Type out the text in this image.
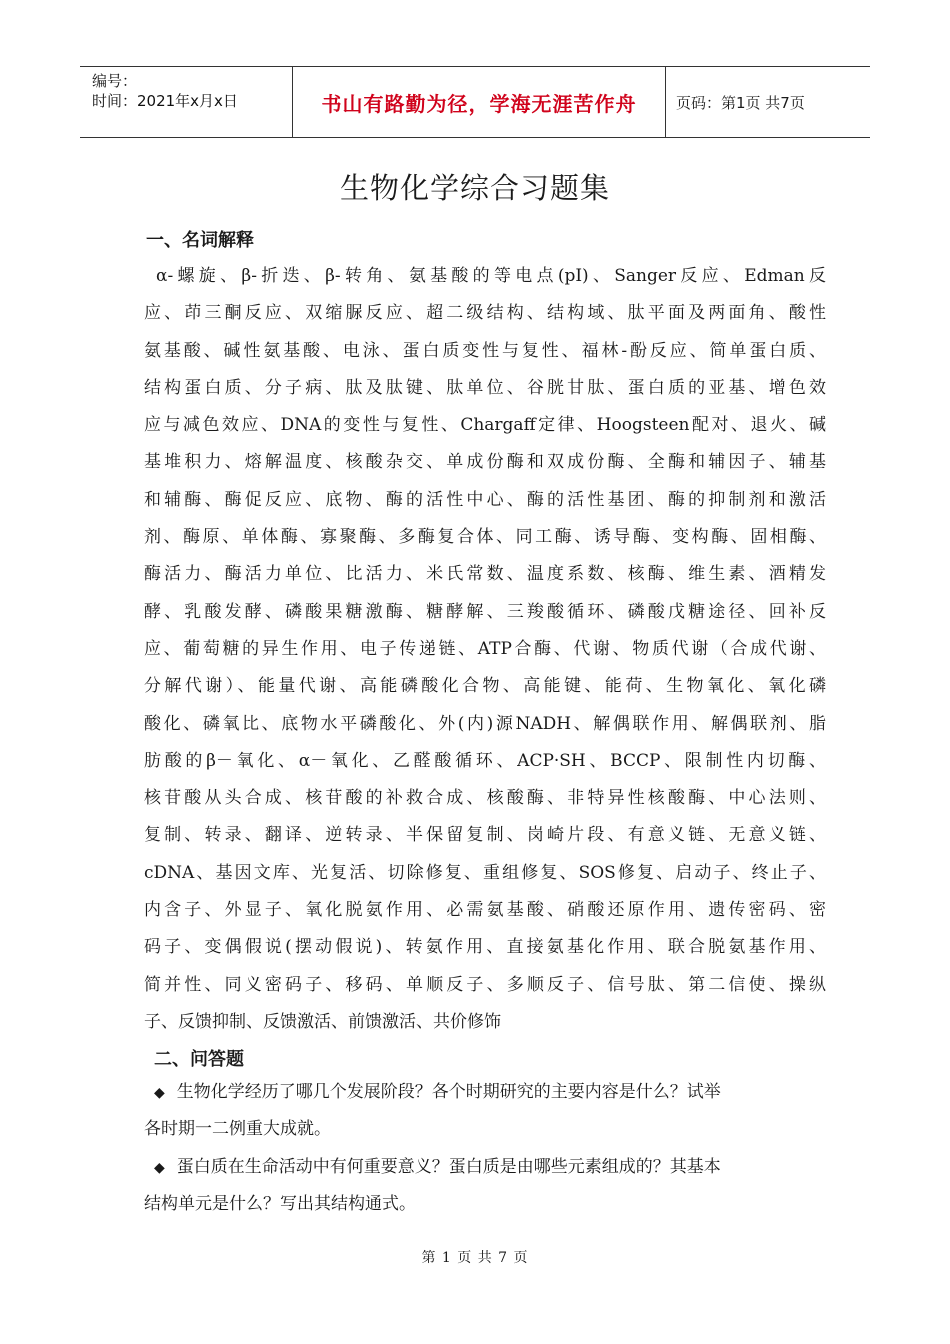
编号：
时间：2021年x月x日	书山有路勤为径，学海无涯苦作舟	页码：第1页 共7页
生物化学综合习题集
一、名词解释
α-螺旋、β-折迭、β-转角、氨基酸的等电点(pI)、Sanger反应、Edman反
应、茚三酮反应、双缩脲反应、超二级结构、结构域、肽平面及两面角、酸性
氨基酸、碱性氨基酸、电泳、蛋白质变性与复性、福林-酚反应、简单蛋白质、
结构蛋白质、分子病、肽及肽键、肽单位、谷胱甘肽、蛋白质的亚基、增色效
应与减色效应、DNA的变性与复性、Chargaff定律、Hoogsteen配对、退火、碱
基堆积力、熔解温度、核酸杂交、单成份酶和双成份酶、全酶和辅因子、辅基
和辅酶、酶促反应、底物、酶的活性中心、酶的活性基团、酶的抑制剂和激活
剂、酶原、单体酶、寡聚酶、多酶复合体、同工酶、诱导酶、变构酶、固相酶、
酶活力、酶活力单位、比活力、米氏常数、温度系数、核酶、维生素、酒精发
酵、乳酸发酵、磷酸果糖激酶、糖酵解、三羧酸循环、磷酸戊糖途径、回补反
应、葡萄糖的异生作用、电子传递链、ATP合酶、代谢、物质代谢（合成代谢、
分解代谢）、能量代谢、高能磷酸化合物、高能键、能荷、生物氧化、氧化磷
酸化、磷氧比、底物水平磷酸化、外(内)源NADH、解偶联作用、解偶联剂、脂
肪酸的β－氧化、α－氧化、乙醛酸循环、ACP·SH、BCCP、限制性内切酶、
核苷酸从头合成、核苷酸的补救合成、核酸酶、非特异性核酸酶、中心法则、
复制、转录、翻译、逆转录、半保留复制、岗崎片段、有意义链、无意义链、
cDNA、基因文库、光复活、切除修复、重组修复、SOS修复、启动子、终止子、
内含子、外显子、氧化脱氨作用、必需氨基酸、硝酸还原作用、遗传密码、密
码子、变偶假说(摆动假说)、转氨作用、直接氨基化作用、联合脱氨基作用、
简并性、同义密码子、移码、单顺反子、多顺反子、信号肽、第二信使、操纵
子、反馈抑制、反馈激活、前馈激活、共价修饰
二、问答题
◆ 生物化学经历了哪几个发展阶段？各个时期研究的主要内容是什么？试举
各时期一二例重大成就。
◆ 蛋白质在生命活动中有何重要意义？蛋白质是由哪些元素组成的？其基本
结构单元是什么？写出其结构通式。
第 1 页 共 7 页
